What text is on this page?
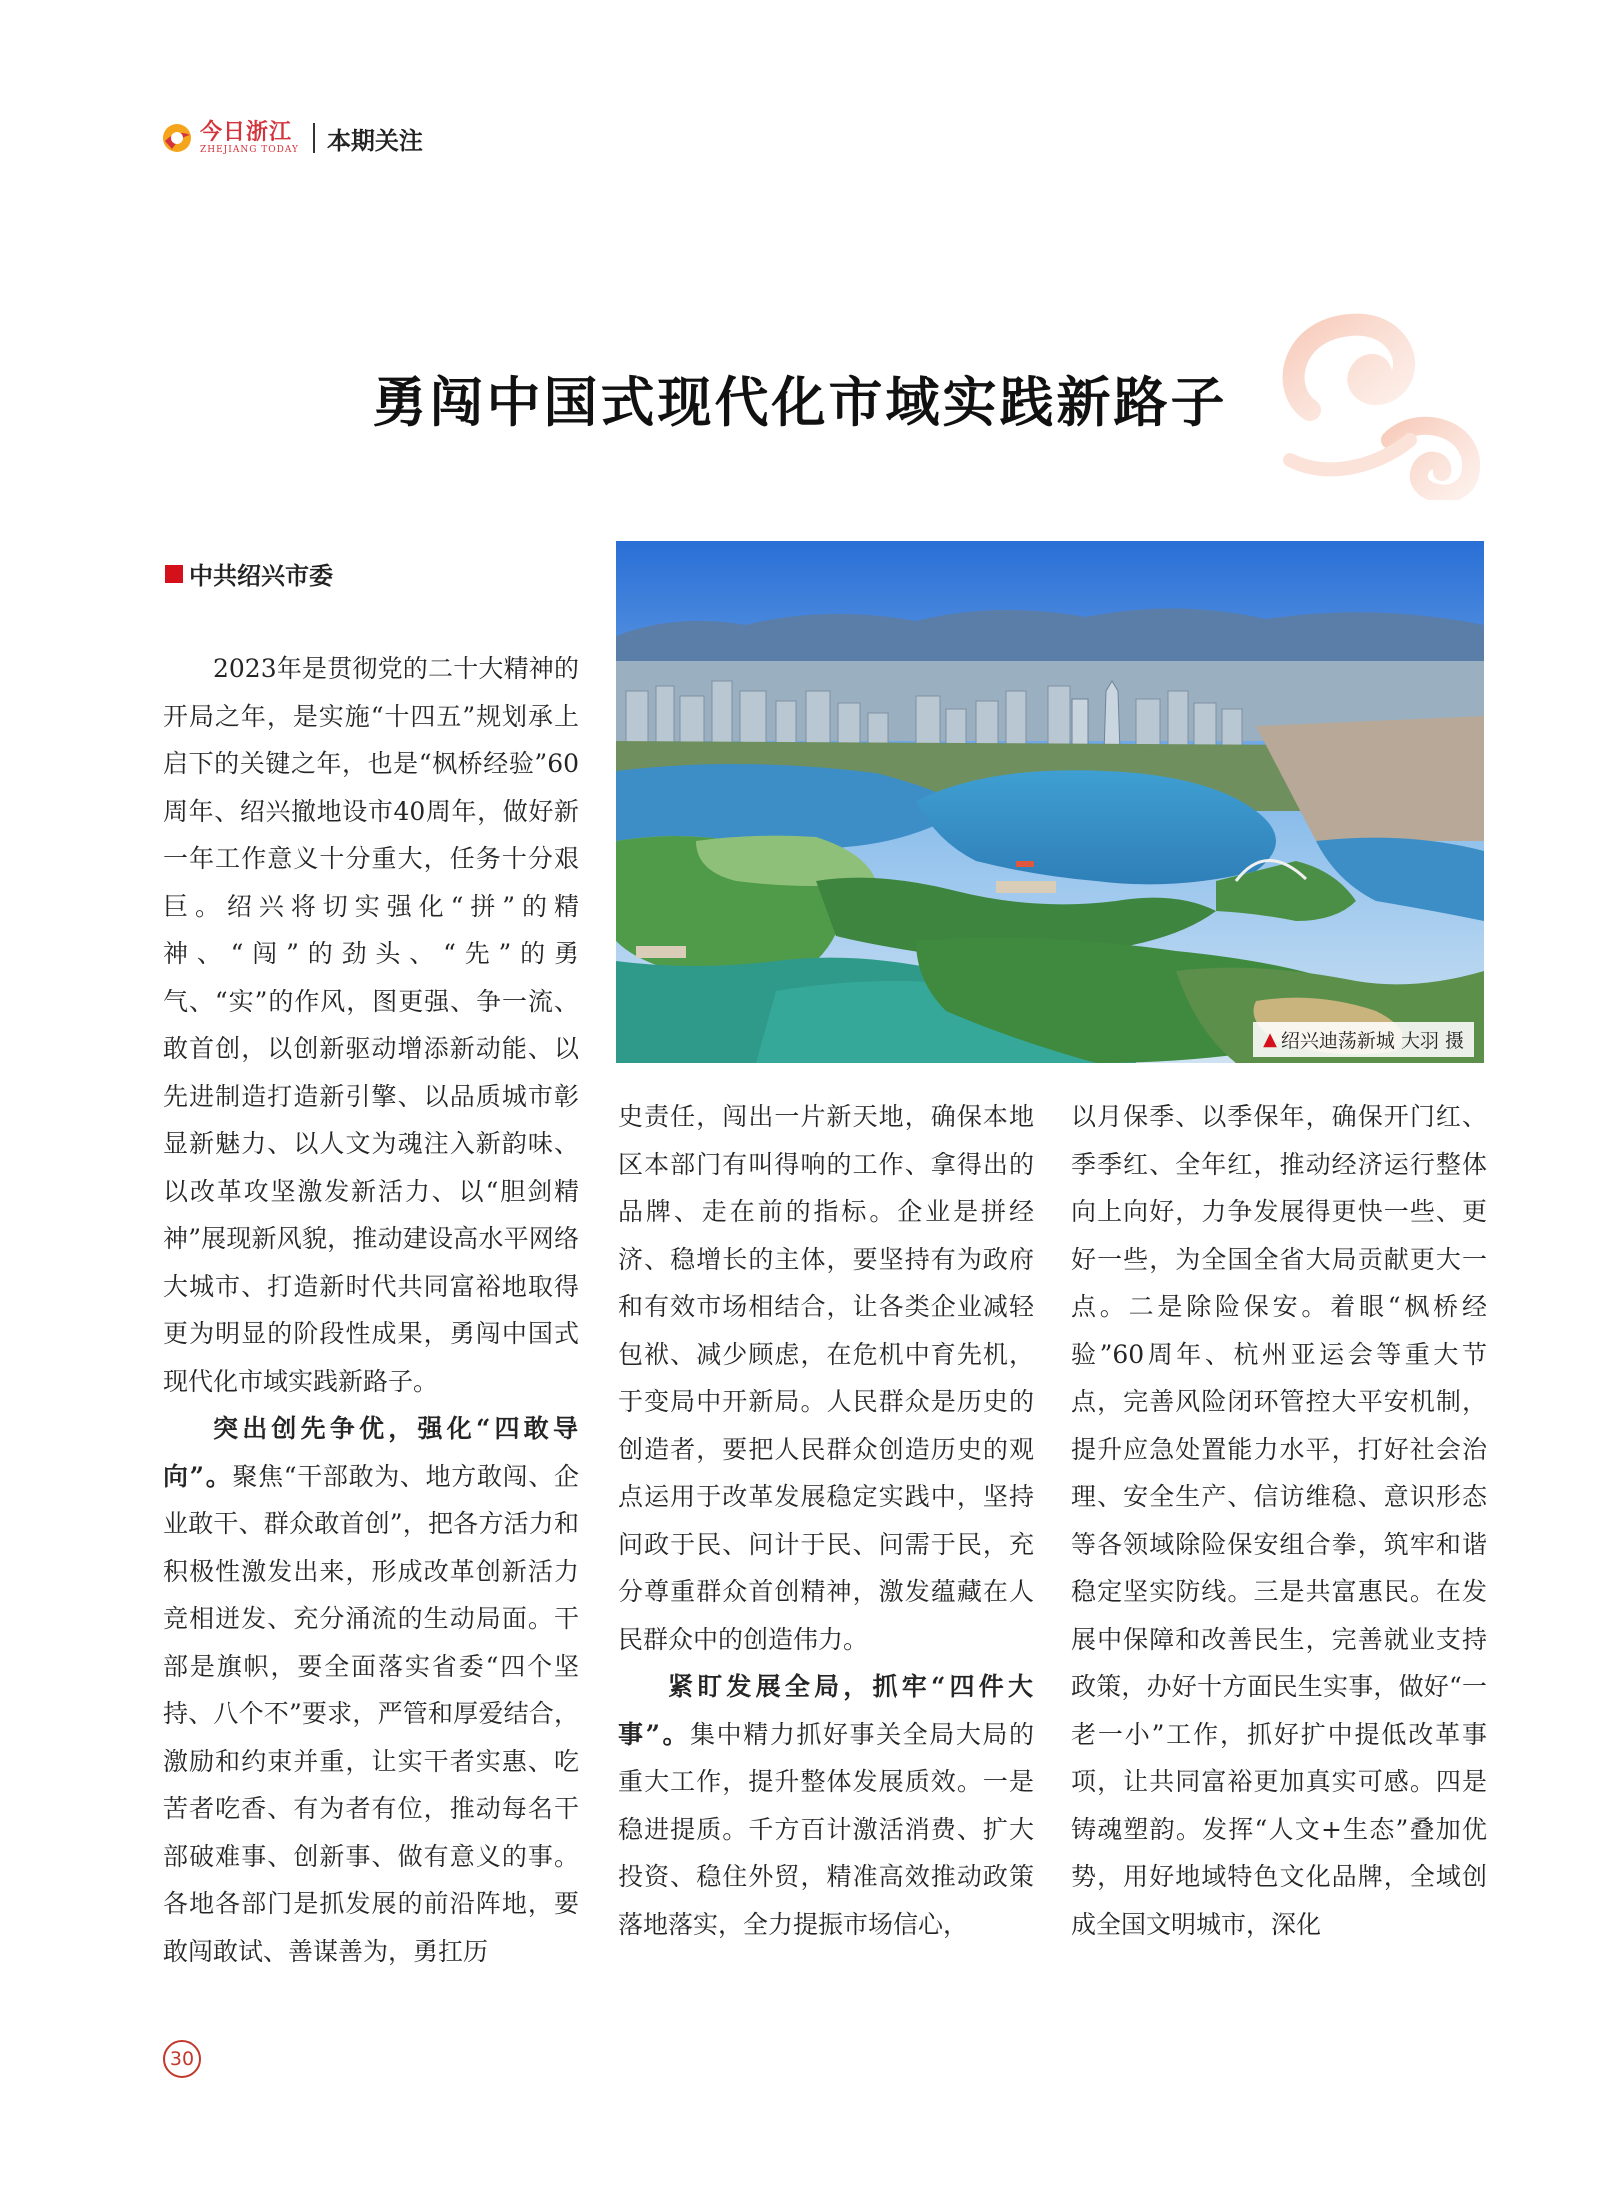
今日浙江
ZHEJIANG TODAY 本期关注
勇闯中国式现代化市域实践新路子
中共绍兴市委
▲ 绍兴迪荡新城 大羽 摄

2023年是贯彻党的二十大精神的开局之年，是实施“十四五”规划承上启下的关键之年，也是“枫桥经验”60周年、绍兴撤地设市40周年，做好新一年工作意义十分重大，任务十分艰巨。绍兴将切实强化“拼”的精神、“闯”的劲头、“先”的勇气、“实”的作风，图更强、争一流、敢首创，以创新驱动增添新动能、以先进制造打造新引擎、以品质城市彰显新魅力、以人文为魂注入新韵味、以改革攻坚激发新活力、以“胆剑精神”展现新风貌，推动建设高水平网络大城市、打造新时代共同富裕地取得更为明显的阶段性成果，勇闯中国式现代化市域实践新路子。

突出创先争优，强化“四敢导向”。聚焦“干部敢为、地方敢闯、企业敢干、群众敢首创”，把各方活力和积极性激发出来，形成改革创新活力竞相迸发、充分涌流的生动局面。干部是旗帜，要全面落实省委“四个坚持、八个不”要求，严管和厚爱结合，激励和约束并重，让实干者实惠、吃苦者吃香、有为者有位，推动每名干部破难事、创新事、做有意义的事。各地各部门是抓发展的前沿阵地，要敢闯敢试、善谋善为，勇扛历

史责任，闯出一片新天地，确保本地区本部门有叫得响的工作、拿得出的品牌、走在前的指标。企业是拼经济、稳增长的主体，要坚持有为政府和有效市场相结合，让各类企业减轻包袱、减少顾虑，在危机中育先机，于变局中开新局。人民群众是历史的创造者，要把人民群众创造历史的观点运用于改革发展稳定实践中，坚持问政于民、问计于民、问需于民，充分尊重群众首创精神，激发蕴藏在人民群众中的创造伟力。

紧盯发展全局，抓牢“四件大事”。集中精力抓好事关全局大局的重大工作，提升整体发展质效。一是稳进提质。千方百计激活消费、扩大投资、稳住外贸，精准高效推动政策落地落实，全力提振市场信心，

以月保季、以季保年，确保开门红、季季红、全年红，推动经济运行整体向上向好，力争发展得更快一些、更好一些，为全国全省大局贡献更大一点。二是除险保安。着眼“枫桥经验”60周年、杭州亚运会等重大节点，完善风险闭环管控大平安机制，提升应急处置能力水平，打好社会治理、安全生产、信访维稳、意识形态等各领域除险保安组合拳，筑牢和谐稳定坚实防线。三是共富惠民。在发展中保障和改善民生，完善就业支持政策，办好十方面民生实事，做好“一老一小”工作，抓好扩中提低改革事项，让共同富裕更加真实可感。四是铸魂塑韵。发挥“人文+生态”叠加优势，用好地域特色文化品牌，全域创成全国文明城市，深化

30
